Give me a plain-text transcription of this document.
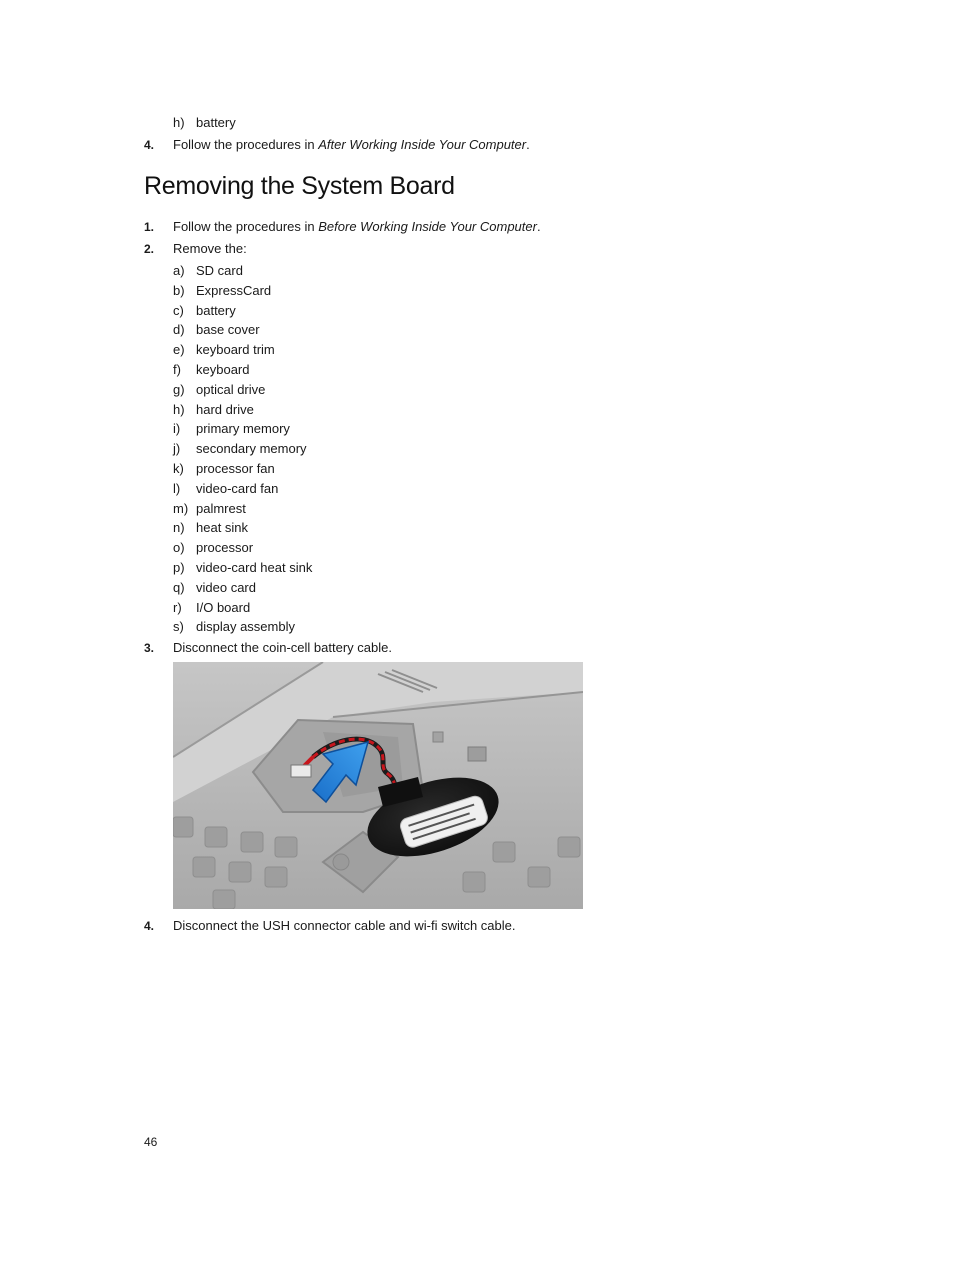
h) battery
4. Follow the procedures in After Working Inside Your Computer.
Removing the System Board
1. Follow the procedures in Before Working Inside Your Computer.
2. Remove the:
a) SD card
b) ExpressCard
c) battery
d) base cover
e) keyboard trim
f) keyboard
g) optical drive
h) hard drive
i) primary memory
j) secondary memory
k) processor fan
l) video-card fan
m) palmrest
n) heat sink
o) processor
p) video-card heat sink
q) video card
r) I/O board
s) display assembly
3. Disconnect the coin-cell battery cable.
4. Disconnect the USH connector cable and wi-fi switch cable.
46
